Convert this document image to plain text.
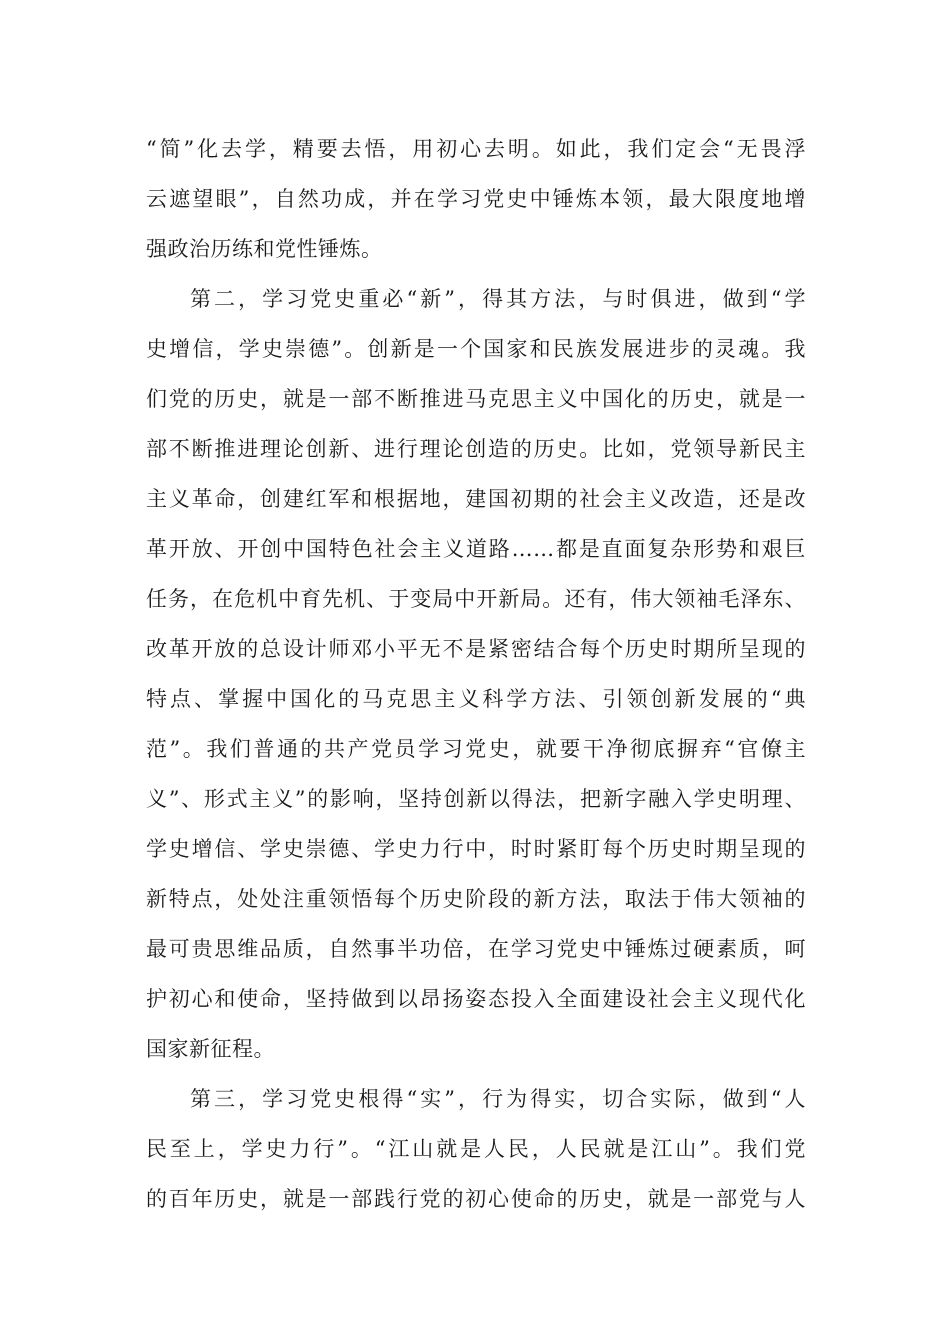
“简”化去学，精要去悟，用初心去明。如此，我们定会“无畏浮
云遮望眼”，自然功成，并在学习党史中锤炼本领，最大限度地增
强政治历练和党性锤炼。
第二，学习党史重必“新”，得其方法，与时俱进，做到“学
史增信，学史崇德”。创新是一个国家和民族发展进步的灵魂。我
们党的历史，就是一部不断推进马克思主义中国化的历史，就是一
部不断推进理论创新、进行理论创造的历史。比如，党领导新民主
主义革命，创建红军和根据地，建国初期的社会主义改造，还是改
革开放、开创中国特色社会主义道路……都是直面复杂形势和艰巨
任务，在危机中育先机、于变局中开新局。还有，伟大领袖毛泽东、
改革开放的总设计师邓小平无不是紧密结合每个历史时期所呈现的
特点、掌握中国化的马克思主义科学方法、引领创新发展的“典
范”。我们普通的共产党员学习党史，就要干净彻底摒弃“官僚主
义”、形式主义”的影响，坚持创新以得法，把新字融入学史明理、
学史增信、学史崇德、学史力行中，时时紧盯每个历史时期呈现的
新特点，处处注重领悟每个历史阶段的新方法，取法于伟大领袖的
最可贵思维品质，自然事半功倍，在学习党史中锤炼过硬素质，呵
护初心和使命，坚持做到以昂扬姿态投入全面建设社会主义现代化
国家新征程。
第三，学习党史根得“实”，行为得实，切合实际，做到“人
民至上，学史力行”。“江山就是人民，人民就是江山”。我们党
的百年历史，就是一部践行党的初心使命的历史，就是一部党与人
